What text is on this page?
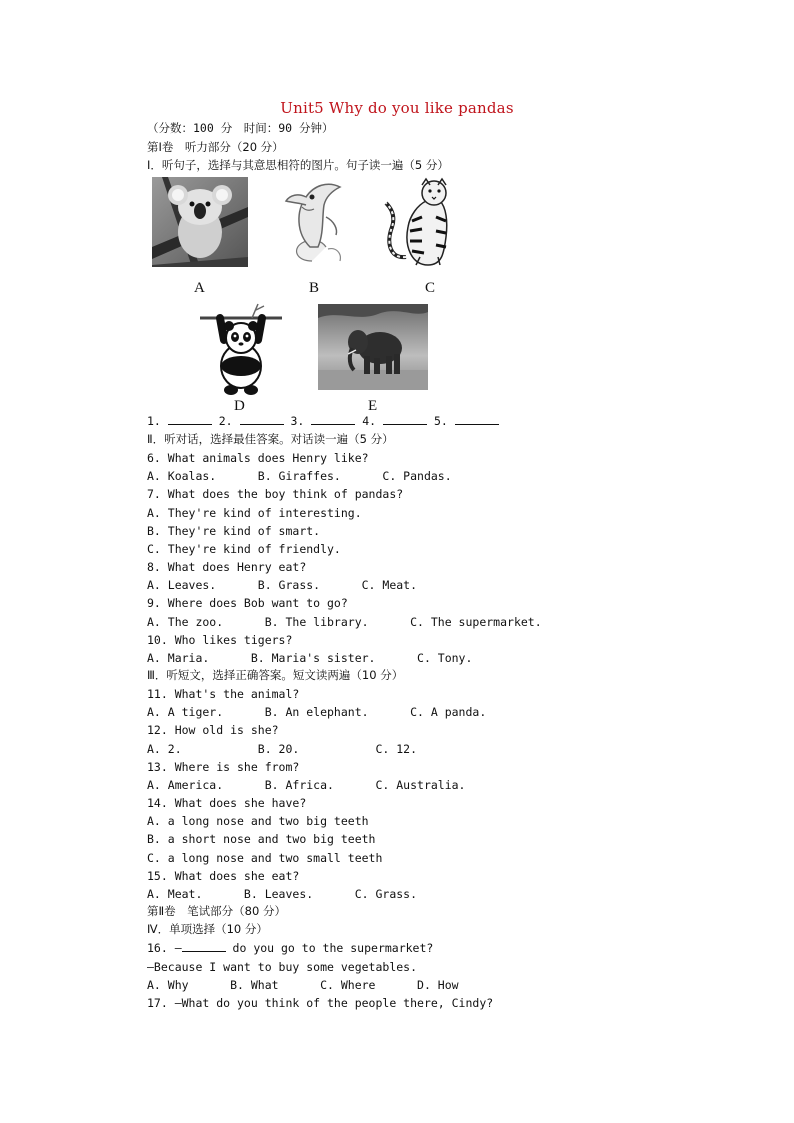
Unit5 Why do you like pandas
（分数：100 分　时间：90 分钟）
第Ⅰ卷　听力部分（20 分）
Ⅰ．听句子，选择与其意思相符的图片。句子读一遍（5 分）
A	B	C
D	E
1.	2.	3.	4.	5.
Ⅱ．听对话，选择最佳答案。对话读一遍（5 分）
6. What animals does Henry like?
A. Koalas.      B. Giraffes.      C. Pandas.
7. What does the boy think of pandas?
A. They're kind of interesting.
B. They're kind of smart.
C. They're kind of friendly.
8. What does Henry eat?
A. Leaves.      B. Grass.      C. Meat.
9. Where does Bob want to go?
A. The zoo.      B. The library.      C. The supermarket.
10. Who likes tigers?
A. Maria.      B. Maria's sister.      C. Tony.
Ⅲ．听短文，选择正确答案。短文读两遍（10 分）
11. What's the animal?
A. A tiger.      B. An elephant.      C. A panda.
12. How old is she?
A. 2.           B. 20.           C. 12.
13. Where is she from?
A. America.      B. Africa.      C. Australia.
14. What does she have?
A. a long nose and two big teeth
B. a short nose and two big teeth
C. a long nose and two small teeth
15. What does she eat?
A. Meat.      B. Leaves.      C. Grass.
第Ⅱ卷　笔试部分（80 分）
Ⅳ．单项选择（10 分）
16. —	do you go to the supermarket?
—Because I want to buy some vegetables.
A. Why      B. What      C. Where      D. How
17. —What do you think of the people there, Cindy?
